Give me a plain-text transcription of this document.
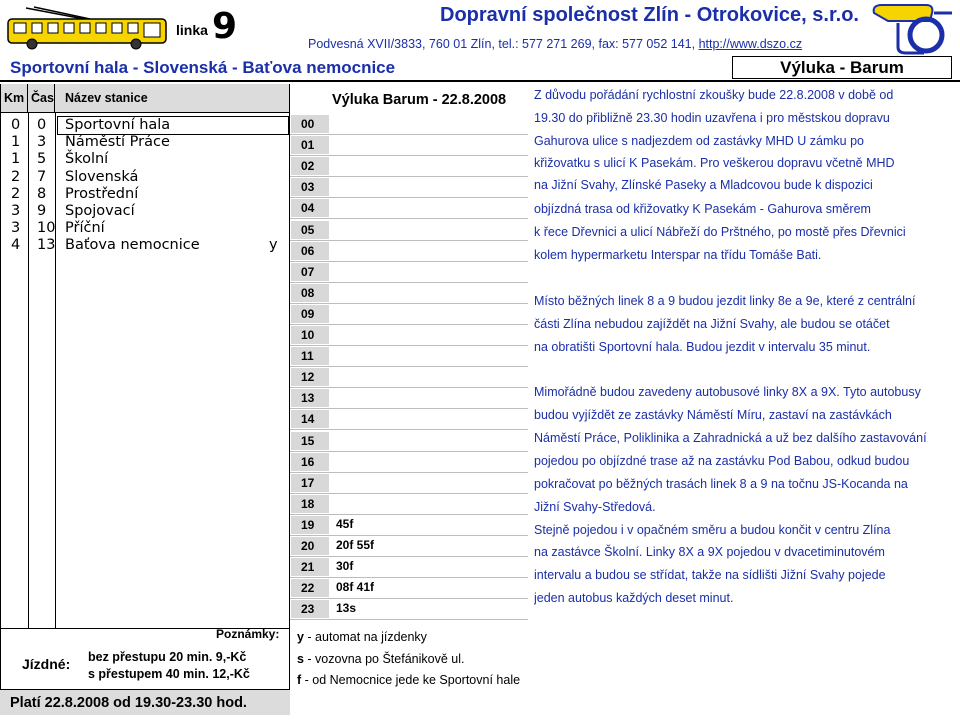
linka 9	Dopravní společnost Zlín - Otrokovice, s.r.o.
Podvesná XVII/3833, 760 01 Zlín, tel.: 577 271 269, fax: 577 052 141, http://www.dszo.cz
Sportovní hala - Slovenská - Baťova nemocnice	Výluka - Barum
Km Čas Název stanice
0 0 Sportovní hala
1 3 Náměstí Práce
1 5 Školní
2 7 Slovenská
2 8 Prostřední
3 9 Spojovací
3 10 Příční
4 13 Baťova nemocnice	y
Poznámky:
Jízdné: bez přestupu 20 min. 9,-Kč
s přestupem 40 min. 12,-Kč
Platí 22.8.2008 od 19.30-23.30 hod.
Výluka Barum - 22.8.2008
00
01
02
03
04
05
06
07
08
09
10
11
12
13
14
15
16
17
18
19	45f
20	20f 55f
21	30f
22	08f 41f
23	13s
y - automat na jízdenky
s - vozovna po Štefánikově ul.
f - od Nemocnice jede ke Sportovní hale
Z důvodu pořádání rychlostní zkoušky bude 22.8.2008 v době od
19.30 do přibližně 23.30 hodin uzavřena i pro městskou dopravu
Gahurova ulice s nadjezdem od zastávky MHD U zámku po
křižovatku s ulicí K Pasekám. Pro veškerou dopravu včetně MHD
na Jižní Svahy, Zlínské Paseky a Mladcovou bude k dispozici
objízdná trasa od křižovatky K Pasekám - Gahurova směrem
k řece Dřevnici a ulicí Nábřeží do Prštného, po mostě přes Dřevnici
kolem hypermarketu Interspar na třídu Tomáše Bati.
Místo běžných linek 8 a 9 budou jezdit linky 8e a 9e, které z centrální
části Zlína nebudou zajíždět na Jižní Svahy, ale budou se otáčet
na obratišti Sportovní hala. Budou jezdit v intervalu 35 minut.
Mimořádně budou zavedeny autobusové linky 8X a 9X. Tyto autobusy
budou vyjíždět ze zastávky Náměstí Míru, zastaví na zastávkách
Náměstí Práce, Poliklinika a Zahradnická a už bez dalšího zastavování
pojedou po objízdné trase až na zastávku Pod Babou, odkud budou
pokračovat po běžných trasách linek 8 a 9 na točnu JS-Kocanda na
Jižní Svahy-Středová.
Stejně pojedou i v opačném směru a budou končit v centru Zlína
na zastávce Školní. Linky 8X a 9X pojedou v dvacetiminutovém
intervalu a budou se střídat, takže na sídlišti Jižní Svahy pojede
jeden autobus každých deset minut.
